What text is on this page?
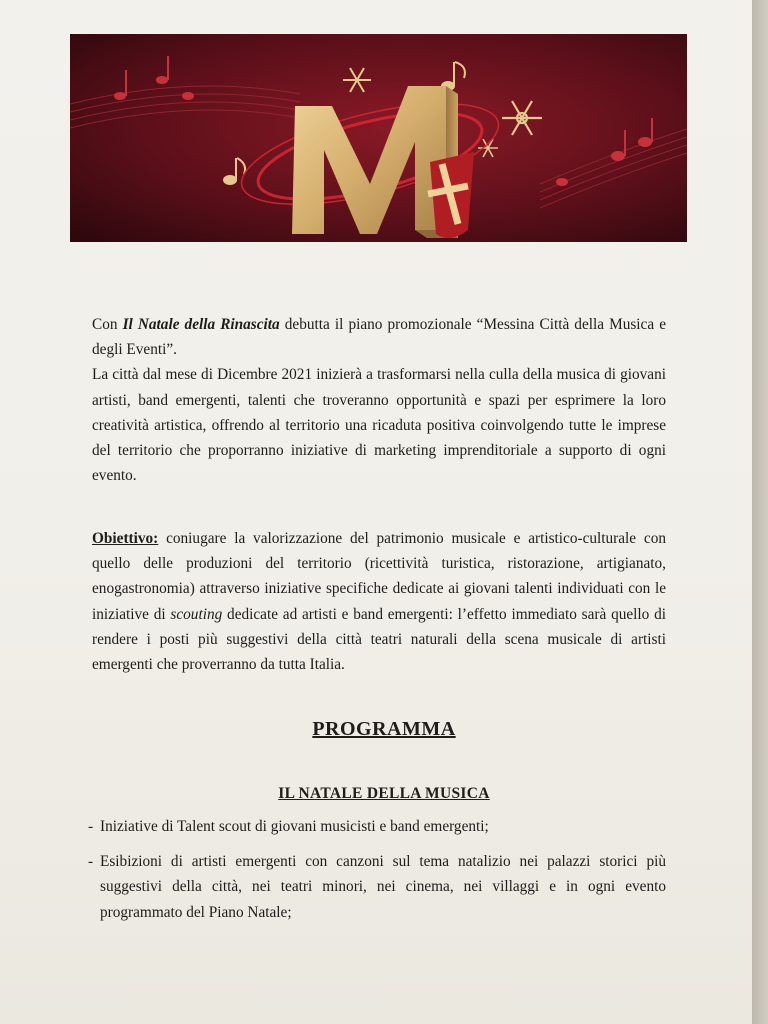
Con Il Natale della Rinascita debutta il piano promozionale “Messina Città della Musica e degli Eventi”.

La città dal mese di Dicembre 2021 inizierà a trasformarsi nella culla della musica di giovani artisti, band emergenti, talenti che troveranno opportunità e spazi per esprimere la loro creatività artistica, offrendo al territorio una ricaduta positiva coinvolgendo tutte le imprese del territorio che proporranno iniziative di marketing imprenditoriale a supporto di ogni evento.

Obiettivo: coniugare la valorizzazione del patrimonio musicale e artistico-culturale con quello delle produzioni del territorio (ricettività turistica, ristorazione, artigianato, enogastronomia) attraverso iniziative specifiche dedicate ai giovani talenti individuati con le iniziative di scouting dedicate ad artisti e band emergenti: l’effetto immediato sarà quello di rendere i posti più suggestivi della città teatri naturali della scena musicale di artisti emergenti che proverranno da tutta Italia.

PROGRAMMA
IL NATALE DELLA MUSICA
- Iniziative di Talent scout di giovani musicisti e band emergenti;
- Esibizioni di artisti emergenti con canzoni sul tema natalizio nei palazzi storici più suggestivi della città, nei teatri minori, nei cinema, nei villaggi e in ogni evento programmato del Piano Natale;
